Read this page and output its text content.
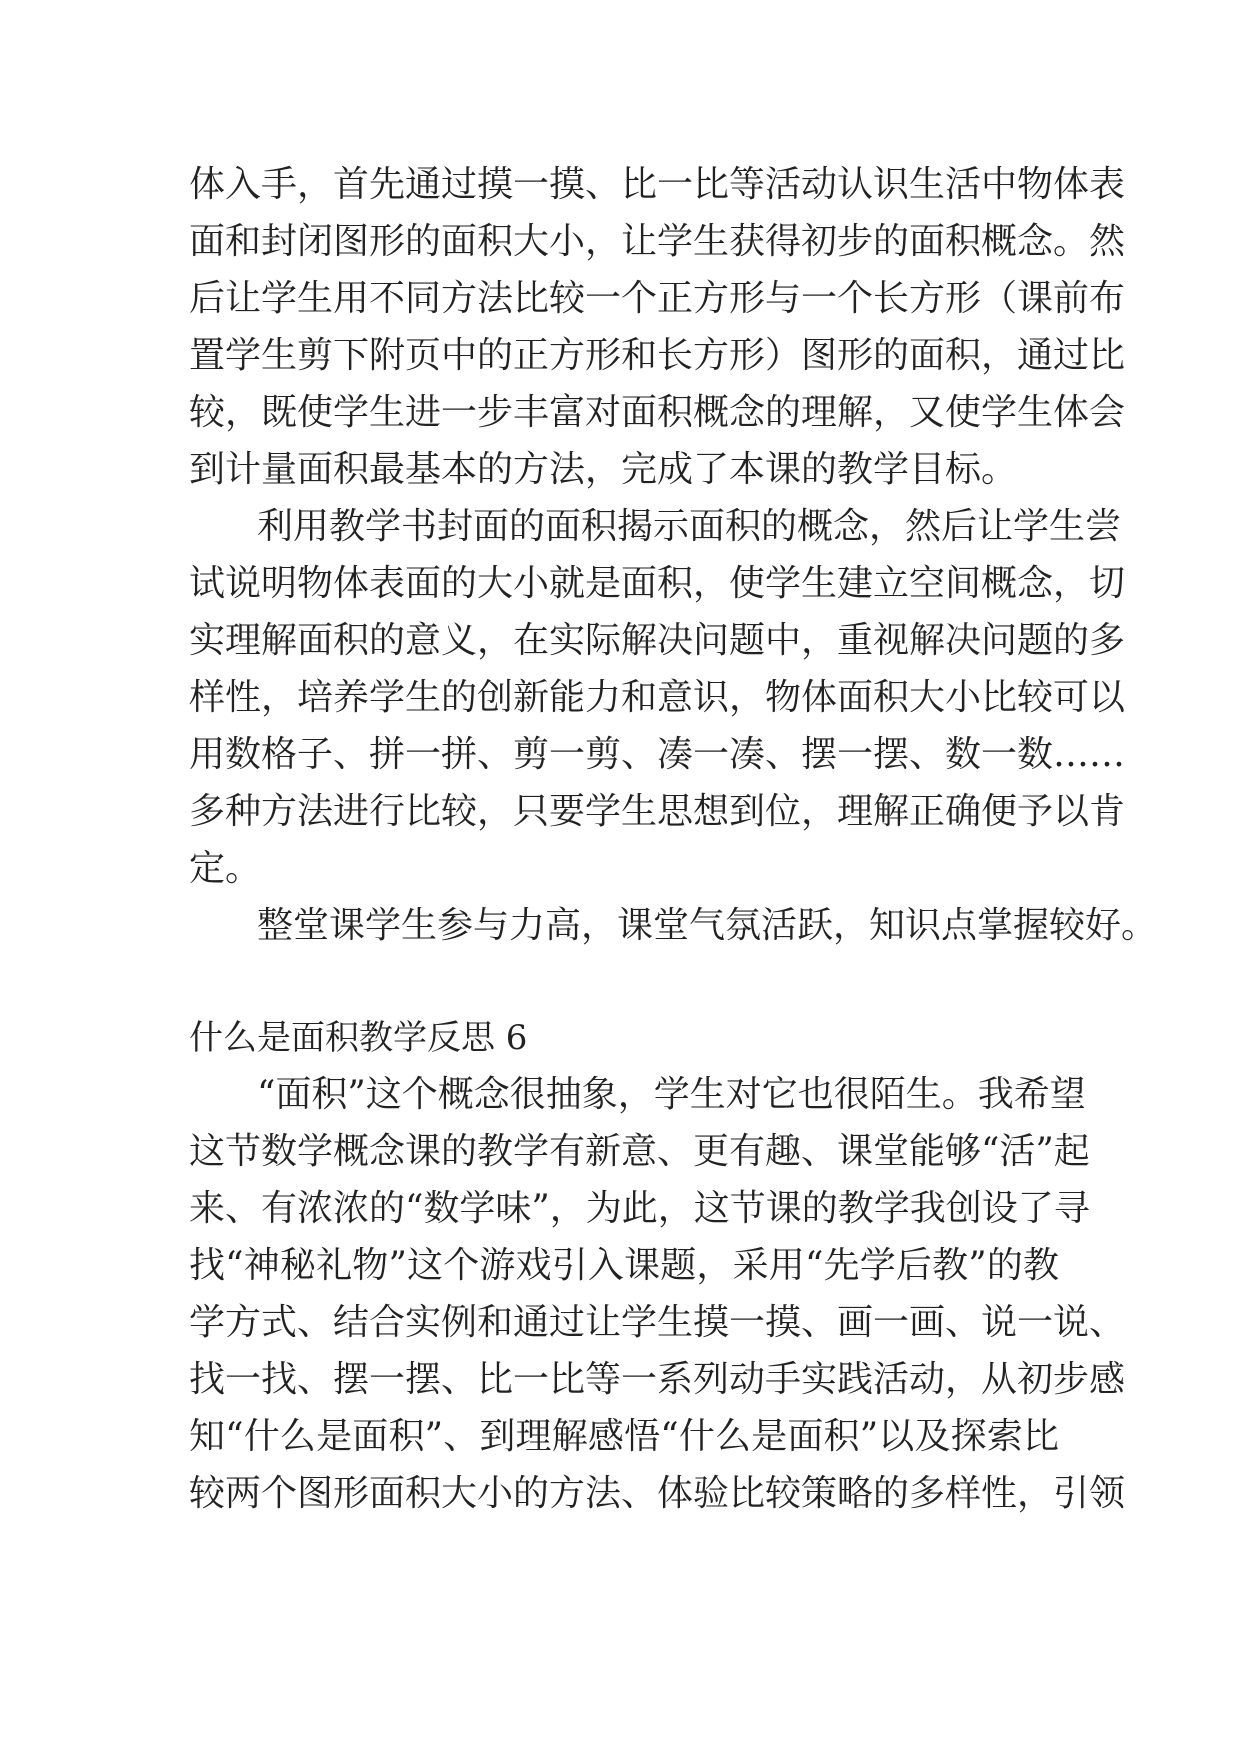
体入手，首先通过摸一摸、比一比等活动认识生活中物体表
面和封闭图形的面积大小，让学生获得初步的面积概念。然
后让学生用不同方法比较一个正方形与一个长方形（课前布
置学生剪下附页中的正方形和长方形）图形的面积，通过比
较，既使学生进一步丰富对面积概念的理解，又使学生体会
到计量面积最基本的方法，完成了本课的教学目标。
利用教学书封面的面积揭示面积的概念，然后让学生尝
试说明物体表面的大小就是面积，使学生建立空间概念，切
实理解面积的意义，在实际解决问题中，重视解决问题的多
样性，培养学生的创新能力和意识，物体面积大小比较可以
用数格子、拼一拼、剪一剪、凑一凑、摆一摆、数一数……
多种方法进行比较，只要学生思想到位，理解正确便予以肯
定。
整堂课学生参与力高，课堂气氛活跃，知识点掌握较好。
什么是面积教学反思 6
“面积”这个概念很抽象，学生对它也很陌生。我希望
这节数学概念课的教学有新意、更有趣、课堂能够“活”起
来、有浓浓的“数学味”，为此，这节课的教学我创设了寻
找“神秘礼物”这个游戏引入课题，采用“先学后教”的教
学方式、结合实例和通过让学生摸一摸、画一画、说一说、
找一找、摆一摆、比一比等一系列动手实践活动，从初步感
知“什么是面积”、到理解感悟“什么是面积”以及探索比
较两个图形面积大小的方法、体验比较策略的多样性，引领
